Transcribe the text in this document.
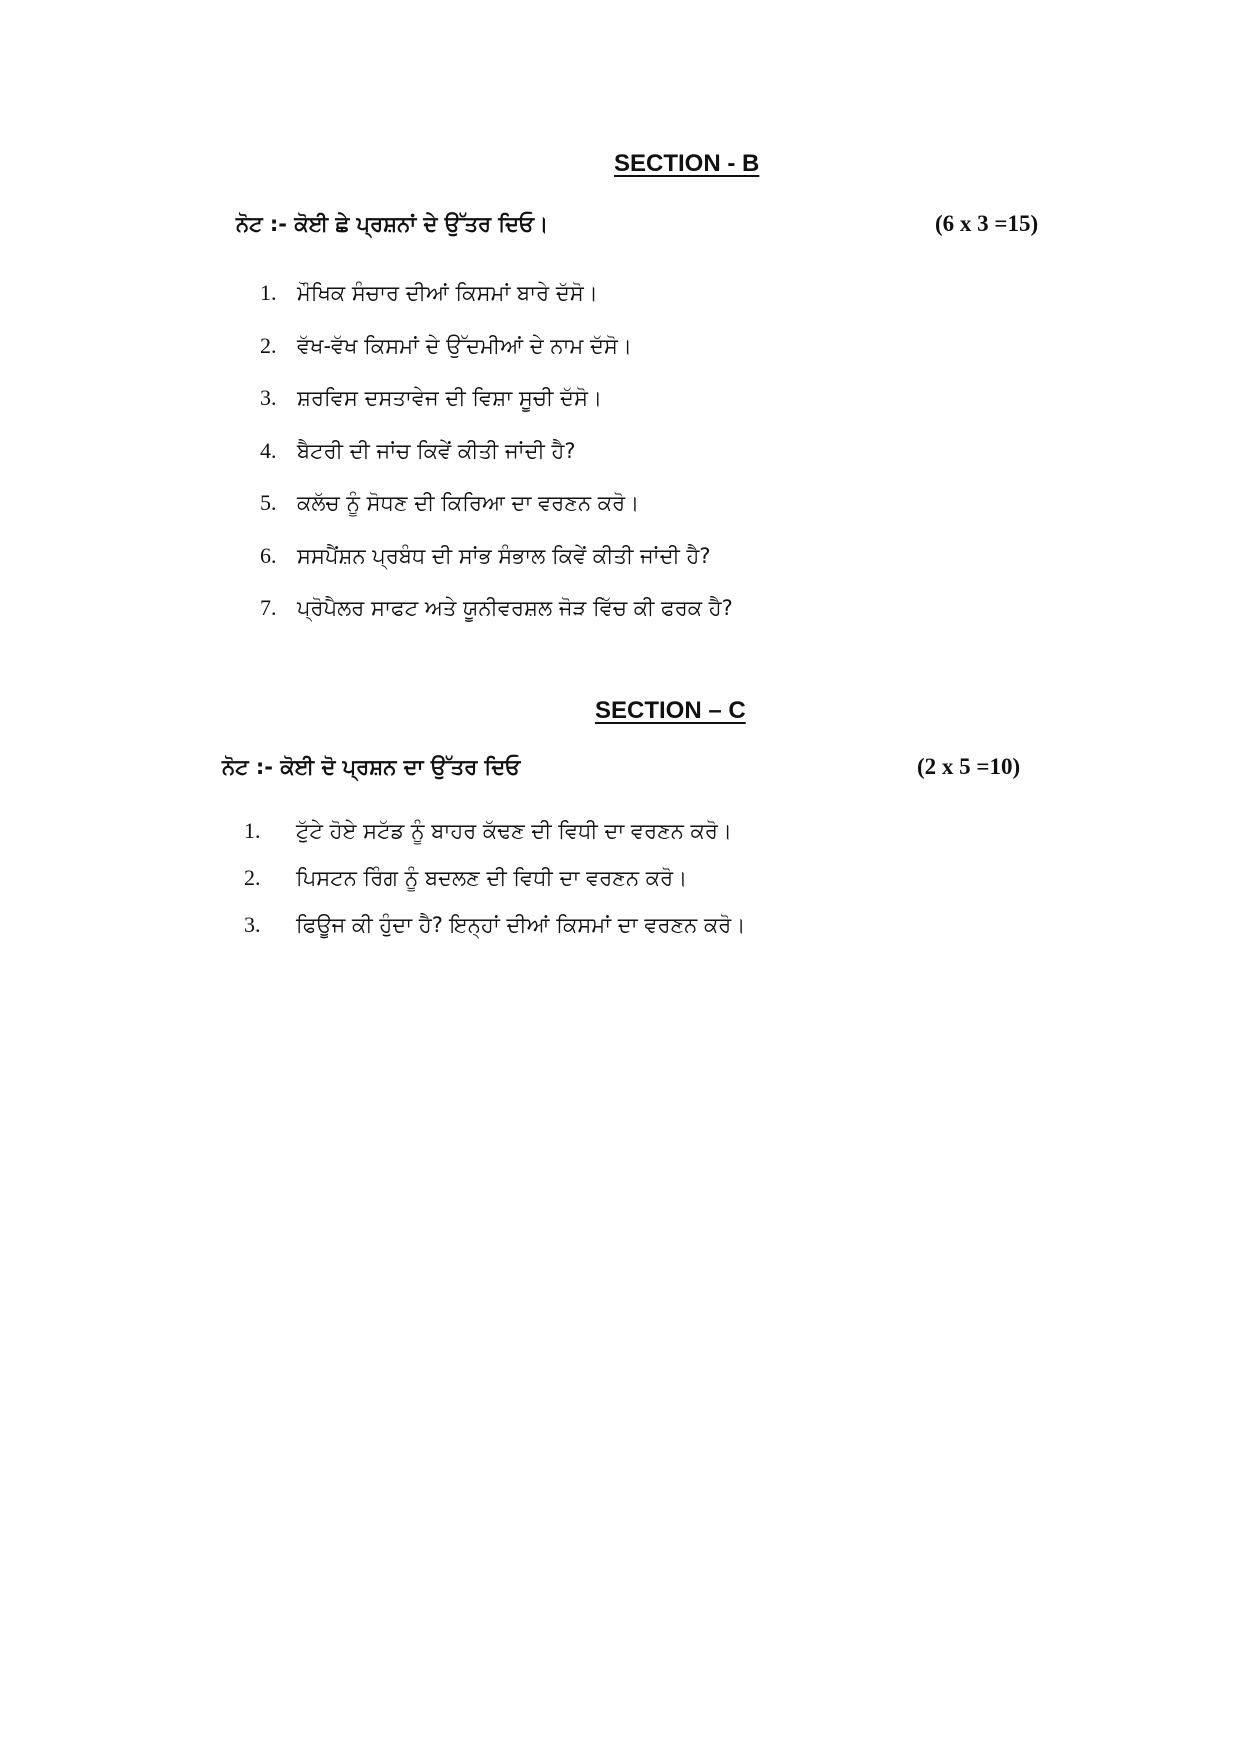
SECTION - B
ਨੋਟ :- ਕੋਈ ਛੇ ਪ੍ਰਸ਼ਨਾਂ ਦੇ ਉੱਤਰ ਦਿਓ।	(6 x 3 =15)
1. ਮੌਖਿਕ ਸੰਚਾਰ ਦੀਆਂ ਕਿਸਮਾਂ ਬਾਰੇ ਦੱਸੋ।
2. ਵੱਖ-ਵੱਖ ਕਿਸਮਾਂ ਦੇ ਉੱਦਮੀਆਂ ਦੇ ਨਾਮ ਦੱਸੋ।
3. ਸ਼ਰਵਿਸ ਦਸਤਾਵੇਜ ਦੀ ਵਿਸ਼ਾ ਸੂਚੀ ਦੱਸੋ।
4. ਬੈਟਰੀ ਦੀ ਜਾਂਚ ਕਿਵੇਂ ਕੀਤੀ ਜਾਂਦੀ ਹੈ?
5. ਕਲੱਚ ਨੂੰ ਸੋਧਣ ਦੀ ਕਿਰਿਆ ਦਾ ਵਰਣਨ ਕਰੋ।
6. ਸਸਪੈਂਸ਼ਨ ਪ੍ਰਬੰਧ ਦੀ ਸਾਂਭ ਸੰਭਾਲ ਕਿਵੇਂ ਕੀਤੀ ਜਾਂਦੀ ਹੈ?
7. ਪ੍ਰੋਪੈਲਰ ਸਾਫਟ ਅਤੇ ਯੂਨੀਵਰਸ਼ਲ ਜੋੜ ਵਿੱਚ ਕੀ ਫਰਕ ਹੈ?
SECTION – C
ਨੋਟ :- ਕੋਈ ਦੋ ਪ੍ਰਸ਼ਨ ਦਾ ਉੱਤਰ ਦਿਓ	(2 x 5 =10)
1.	ਟੁੱਟੇ ਹੋਏ ਸਟੱਡ ਨੂੰ ਬਾਹਰ ਕੱਢਣ ਦੀ ਵਿਧੀ ਦਾ ਵਰਣਨ ਕਰੋ।
2.	ਪਿਸਟਨ ਰਿੰਗ ਨੂੰ ਬਦਲਣ ਦੀ ਵਿਧੀ ਦਾ ਵਰਣਨ ਕਰੋ।
3.	ਫਿਊਜ ਕੀ ਹੁੰਦਾ ਹੈ? ਇਨ੍ਹਾਂ ਦੀਆਂ ਕਿਸਮਾਂ ਦਾ ਵਰਣਨ ਕਰੋ।
